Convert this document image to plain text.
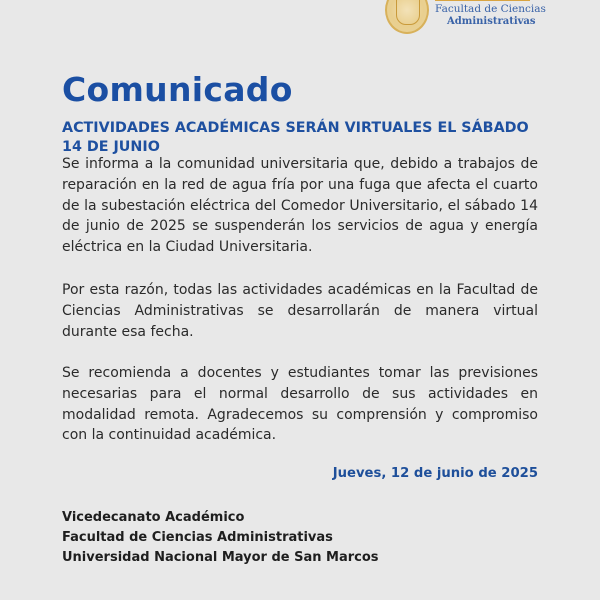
Facultad de Ciencias
Administrativas
Comunicado
ACTIVIDADES ACADÉMICAS SERÁN VIRTUALES EL SÁBADO 14 DE JUNIO
Se informa a la comunidad universitaria que, debido a trabajos de reparación en la red de agua fría por una fuga que afecta el cuarto de la subestación eléctrica del Comedor Universitario, el sábado 14 de junio de 2025 se suspenderán los servicios de agua y energía eléctrica en la Ciudad Universitaria.
Por esta razón, todas las actividades académicas en la Facultad de Ciencias Administrativas se desarrollarán de manera virtual durante esa fecha.
Se recomienda a docentes y estudiantes tomar las previsiones necesarias para el normal desarrollo de sus actividades en modalidad remota. Agradecemos su comprensión y compromiso con la continuidad académica.
Jueves, 12 de junio de 2025
Vicedecanato Académico
Facultad de Ciencias Administrativas
Universidad Nacional Mayor de San Marcos
